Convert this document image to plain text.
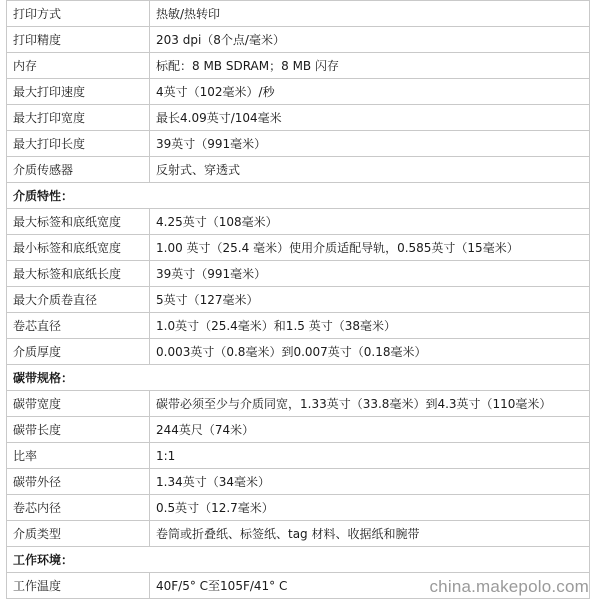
打印方式	热敏/热转印
打印精度	203 dpi（8个点/毫米）
内存	标配：8 MB SDRAM；8 MB 闪存
最大打印速度	4英寸（102毫米）/秒
最大打印宽度	最长4.09英寸/104毫米
最大打印长度	39英寸（991毫米）
介质传感器	反射式、穿透式
介质特性：	
最大标签和底纸宽度	4.25英寸（108毫米）
最小标签和底纸宽度	1.00 英寸（25.4 毫米）使用介质适配导轨，0.585英寸（15毫米）
最大标签和底纸长度	39英寸（991毫米）
最大介质卷直径	5英寸（127毫米）
卷芯直径	1.0英寸（25.4毫米）和1.5 英寸（38毫米）
介质厚度	0.003英寸（0.8毫米）到0.007英寸（0.18毫米）
碳带规格：	
碳带宽度	碳带必须至少与介质同宽，1.33英寸（33.8毫米）到4.3英寸（110毫米）
碳带长度	244英尺（74米）
比率	1:1
碳带外径	1.34英寸（34毫米）
卷芯内径	0.5英寸（12.7毫米）
介质类型	卷筒或折叠纸、标签纸、tag 材料、收据纸和腕带
工作环境：	
工作温度	40F/5° C至105F/41° C	china.makepolo.com
